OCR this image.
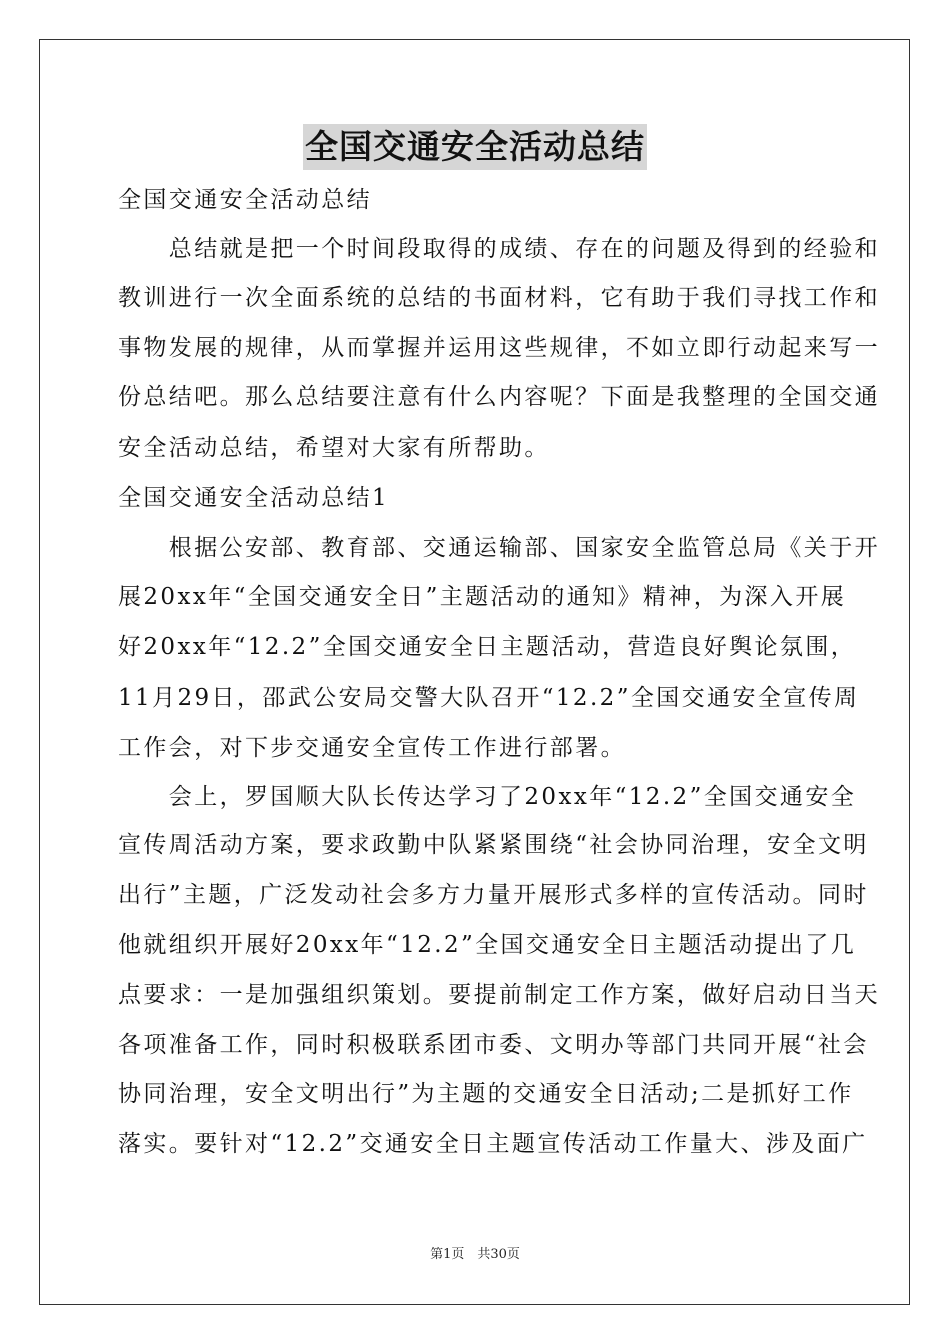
全国交通安全活动总结
全国交通安全活动总结
　　总结就是把一个时间段取得的成绩、存在的问题及得到的经验和
教训进行一次全面系统的总结的书面材料，它有助于我们寻找工作和
事物发展的规律，从而掌握并运用这些规律，不如立即行动起来写一
份总结吧。那么总结要注意有什么内容呢？下面是我整理的全国交通
安全活动总结，希望对大家有所帮助。
全国交通安全活动总结1
　　根据公安部、教育部、交通运输部、国家安全监管总局《关于开
展20xx年“全国交通安全日”主题活动的通知》精神，为深入开展
好20xx年“12.2”全国交通安全日主题活动，营造良好舆论氛围，
11月29日，邵武公安局交警大队召开“12.2”全国交通安全宣传周
工作会，对下步交通安全宣传工作进行部署。
　　会上，罗国顺大队长传达学习了20xx年“12.2”全国交通安全
宣传周活动方案，要求政勤中队紧紧围绕“社会协同治理，安全文明
出行”主题，广泛发动社会多方力量开展形式多样的宣传活动。同时
他就组织开展好20xx年“12.2”全国交通安全日主题活动提出了几
点要求：一是加强组织策划。要提前制定工作方案，做好启动日当天
各项准备工作，同时积极联系团市委、文明办等部门共同开展“社会
协同治理，安全文明出行”为主题的交通安全日活动;二是抓好工作
落实。要针对“12.2”交通安全日主题宣传活动工作量大、涉及面广
第1页　共30页
